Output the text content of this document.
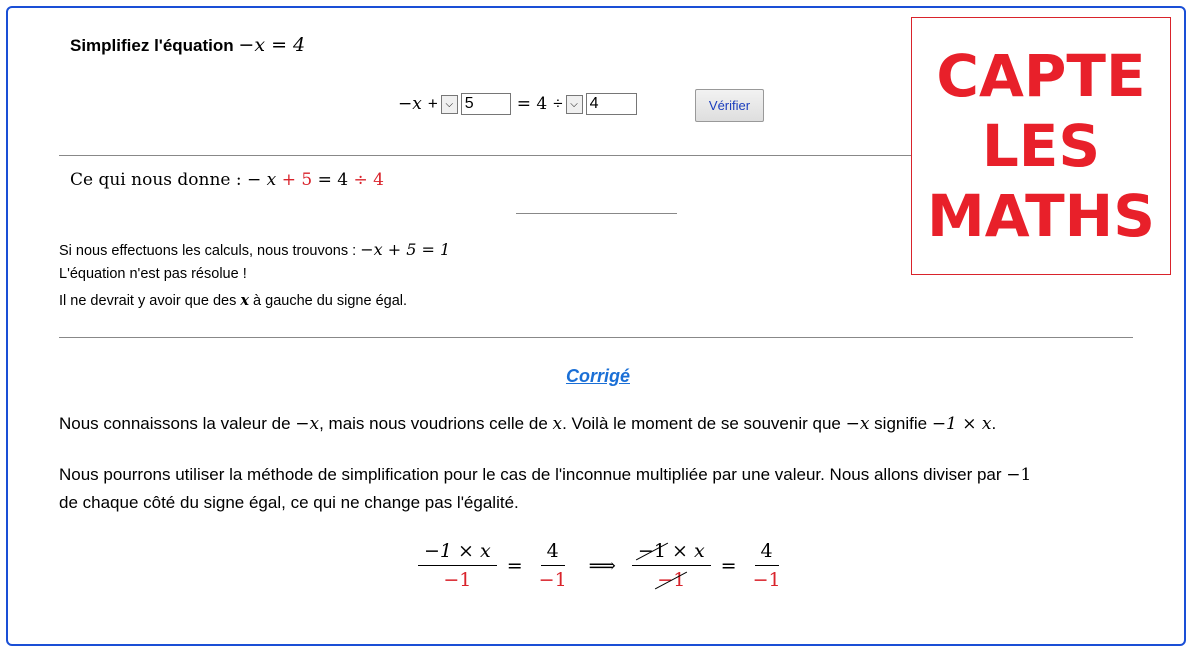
Simplifiez l'équation −x = 4
−x + ⌵ 5	= 4 ÷ ⌵ 4	Vérifier
Ce qui nous donne : − x + 5 = 4 ÷ 4
Si nous effectuons les calculs, nous trouvons : −x + 5 = 1
L'équation n'est pas résolue !
Il ne devrait y avoir que des x à gauche du signe égal.
Corrigé
Nous connaissons la valeur de −x, mais nous voudrions celle de x. Voilà le moment de se souvenir que −x signifie −1 × x.
Nous pourrons utiliser la méthode de simplification pour le cas de l'inconnue multipliée par une valeur. Nous allons diviser par −1
de chaque côté du signe égal, ce qui ne change pas l'égalité.
$\frac{-1 \times x}{-1} = \frac{4}{-1}$ ⟹ $\frac{-1 \times x}{-1} = \frac{4}{-1}$
CAPTE
LES
MATHS
